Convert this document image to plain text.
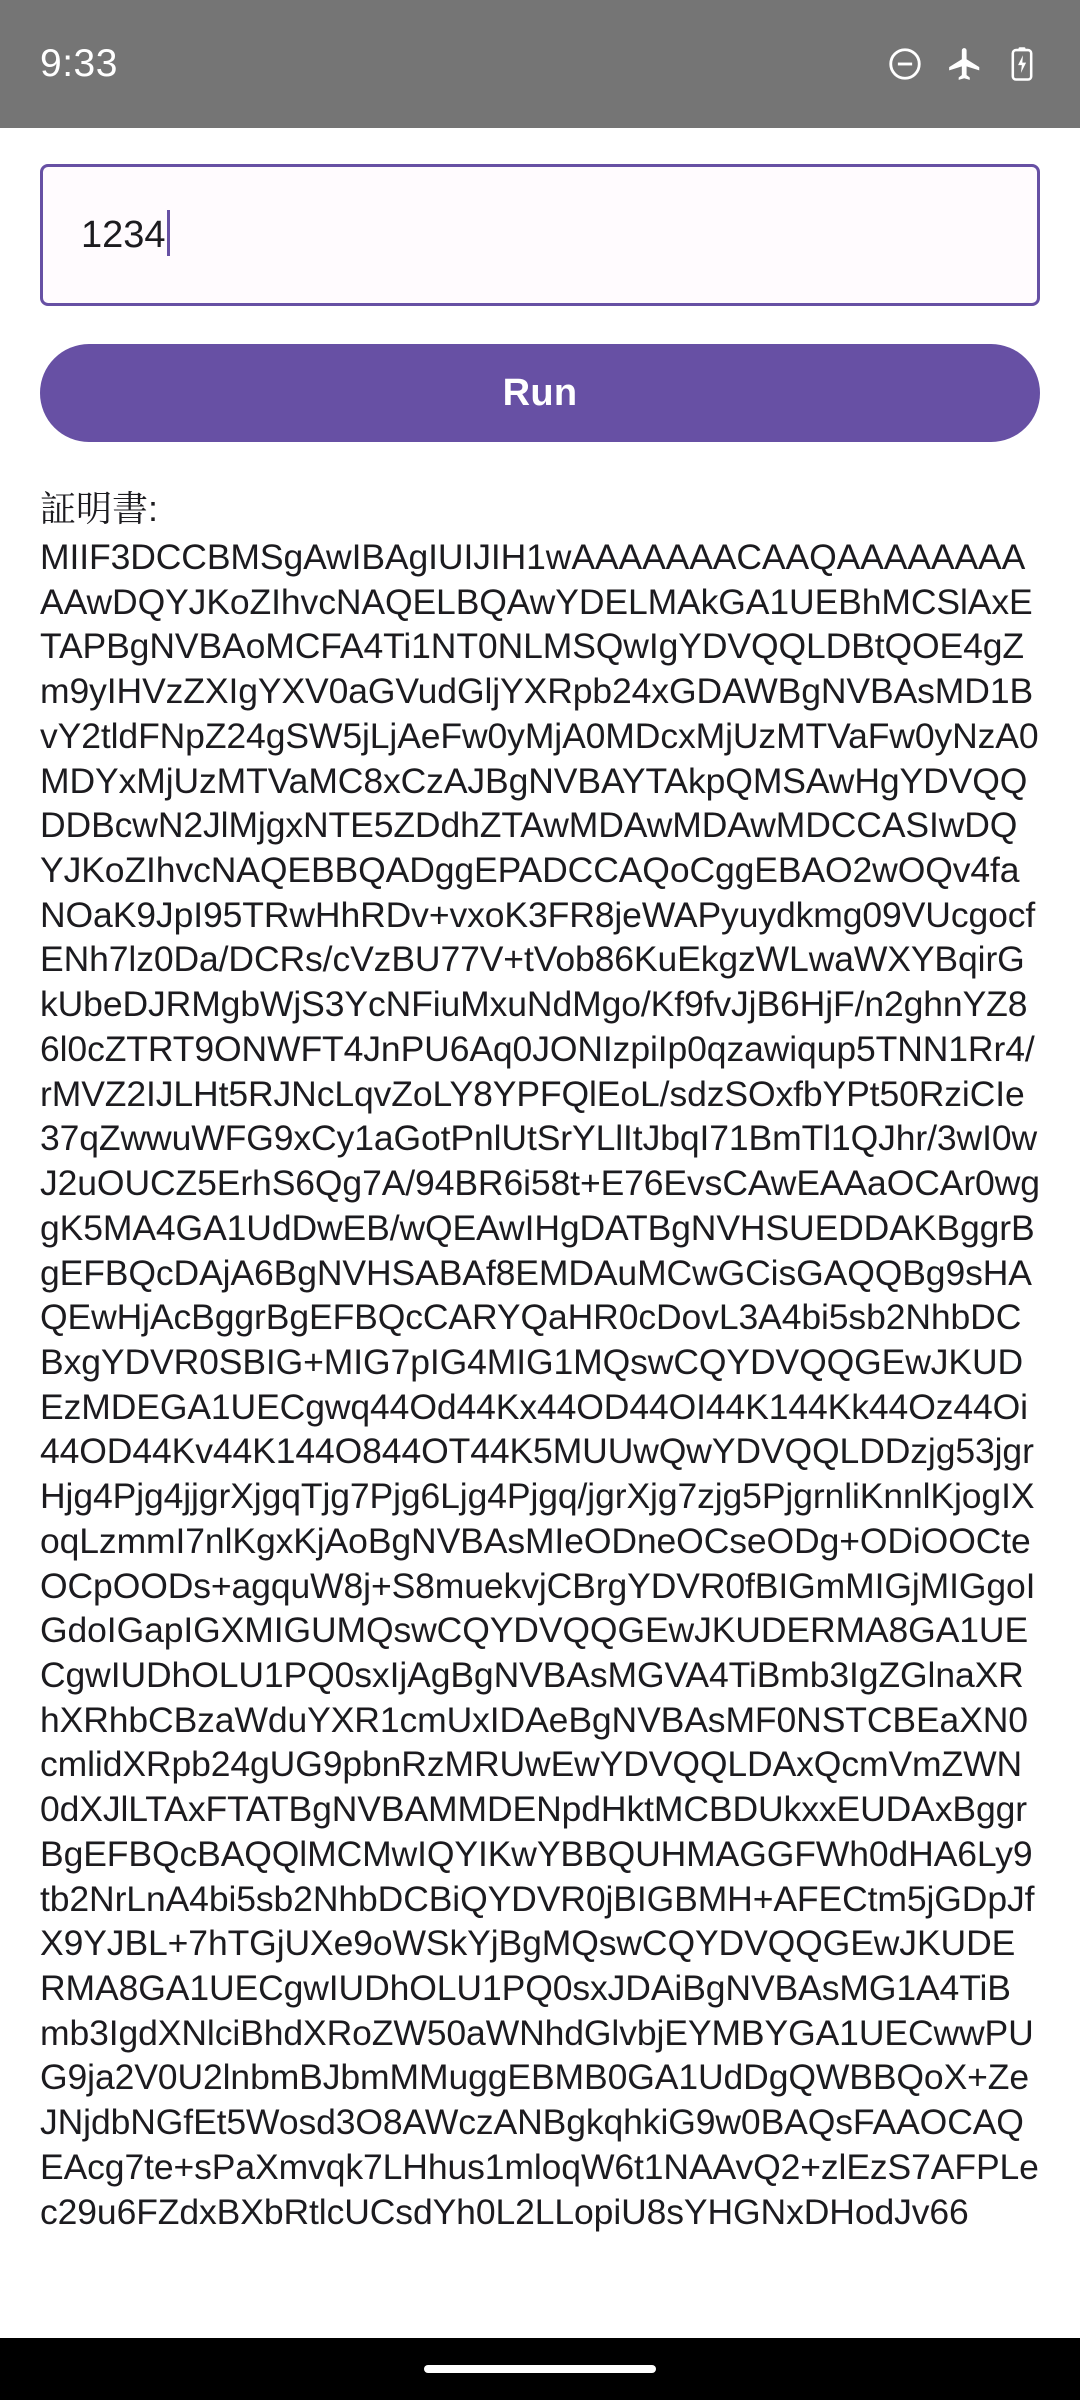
9:33
1234
Run
証明書:
MIIF3DCCBMSgAwIBAgIUIJIH1wAAAAAAACAAQAAAAAAAAAAwDQYJKoZIhvcNAQELBQAwYDELMAkGA1UEBhMCSlAxETAPBgNVBAoMCFA4Ti1NT0NLMSQwIgYDVQQLDBtQOE4gZm9yIHVzZXIgYXV0aGVudGljYXRpb24xGDAWBgNVBAsMD1BvY2tldFNpZ24gSW5jLjAeFw0yMjA0MDcxMjUzMTVaFw0yNzA0MDYxMjUzMTVaMC8xCzAJBgNVBAYTAkpQMSAwHgYDVQQDDBcwN2JlMjgxNTE5ZDdhZTAwMDAwMDAwMDCCASIwDQYJKoZIhvcNAQEBBQADggEPADCCAQoCggEBAO2wOQv4faNOaK9JpI95TRwHhRDv+vxoK3FR8jeWAPyuydkmg09VUcgocfENh7lz0Da/DCRs/cVzBU77V+tVob86KuEkgzWLwaWXYBqirGkUbeDJRMgbWjS3YcNFiuMxuNdMgo/Kf9fvJjB6HjF/n2ghnYZ86l0cZTRT9ONWFT4JnPU6Aq0JONIzpiIp0qzawiqup5TNN1Rr4/rMVZ2IJLHt5RJNcLqvZoLY8YPFQlEoL/sdzSOxfbYPt50RziCIe37qZwwuWFG9xCy1aGotPnlUtSrYLlItJbqI71BmTl1QJhr/3wI0wJ2uOUCZ5ErhS6Qg7A/94BR6i58t+E76EvsCAwEAAaOCAr0wggK5MA4GA1UdDwEB/wQEAwIHgDATBgNVHSUEDDAKBggrBgEFBQcDAjA6BgNVHSABAf8EMDAuMCwGCisGAQQBg9sHAQEwHjAcBggrBgEFBQcCARYQaHR0cDovL3A4bi5sb2NhbDCBxgYDVR0SBIG+MIG7pIG4MIG1MQswCQYDVQQGEwJKUDEzMDEGA1UECgwq44Od44Kx44OD44OI44K144Kk44Oz44Oi44OD44Kv44K144O844OT44K5MUUwQwYDVQQLDDzjg53jgrHjg4Pjg4jjgrXjgqTjg7Pjg6Ljg4Pjgq/jgrXjg7zjg5PjgrnliKnnlKjogIXoqLzmmI7nlKgxKjAoBgNVBAsMIeODneOCseODg+ODiOOCteOCpOODs+agquW8j+S8muekvjCBrgYDVR0fBIGmMIGjMIGgoIGdoIGapIGXMIGUMQswCQYDVQQGEwJKUDERMA8GA1UECgwIUDhOLU1PQ0sxIjAgBgNVBAsMGVA4TiBmb3IgZGlnaXRhXRhbCBzaWduYXR1cmUxIDAeBgNVBAsMF0NSTCBEaXN0cmlidXRpb24gUG9pbnRzMRUwEwYDVQQLDAxQcmVmZWN0dXJlLTAxFTATBgNVBAMMDENpdHktMCBDUkxxEUDAxBggrBgEFBQcBAQQlMCMwIQYIKwYBBQUHMAGGFWh0dHA6Ly9tb2NrLnA4bi5sb2NhbDCBiQYDVR0jBIGBMH+AFECtm5jGDpJfX9YJBL+7hTGjUXe9oWSkYjBgMQswCQYDVQQGEwJKUDERMA8GA1UECgwIUDhOLU1PQ0sxJDAiBgNVBAsMG1A4TiBmb3IgdXNlciBhdXRoZW50aWNhdGlvbjEYMBYGA1UECwwPUG9ja2V0U2lnbmBJbmMMuggEBMB0GA1UdDgQWBBQoX+ZeJNjdbNGfEt5Wosd3O8AWczANBgkqhkiG9w0BAQsFAAOCAQEAcg7te+sPaXmvqk7LHhus1mloqW6t1NAAvQ2+zlEzS7AFPLec29u6FZdxBXbRtlcUCsdYh0L2LLopiU8sYHGNxDHodJv66
